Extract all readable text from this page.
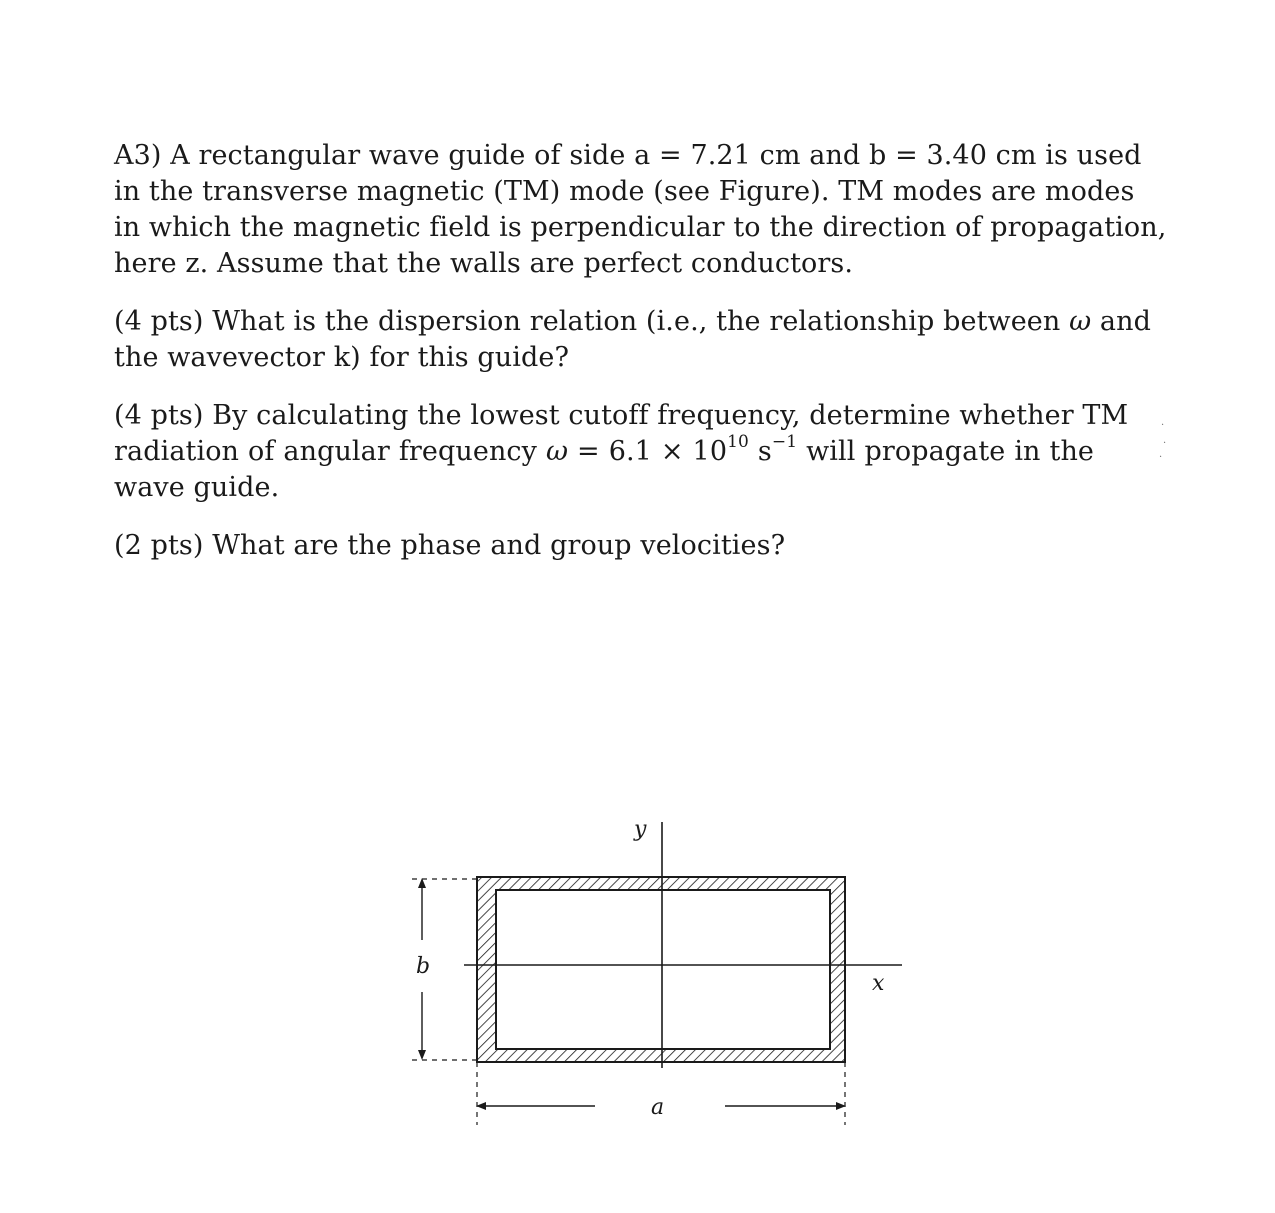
A3) A rectangular wave guide of side a = 7.21 cm and b = 3.40 cm is used
in the transverse magnetic (TM) mode (see Figure). TM modes are modes
in which the magnetic field is perpendicular to the direction of propagation,
here z. Assume that the walls are perfect conductors.
(4 pts) What is the dispersion relation (i.e., the relationship between ω and
the wavevector k) for this guide?
(4 pts) By calculating the lowest cutoff frequency, determine whether TM
radiation of angular frequency $\omega = 6.1 \times 10^{10}$ $s^{-1}$ will propagate in the
wave guide.
(2 pts) What are the phase and group velocities?
y
x
b
a
·
·
·
